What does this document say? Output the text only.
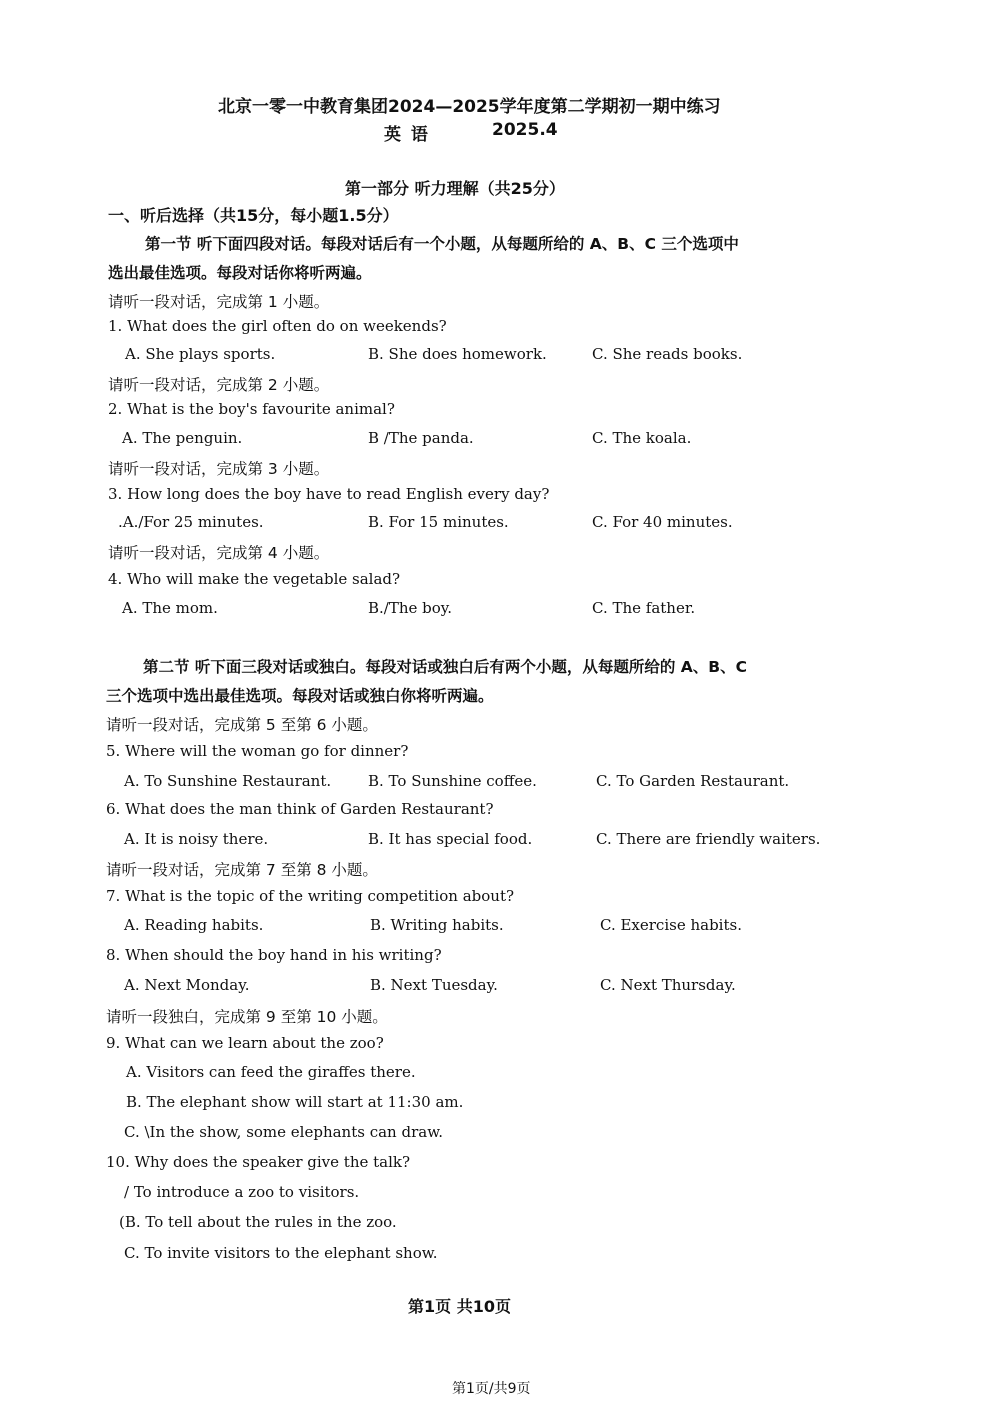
北京一零一中教育集团2024—2025学年度第二学期初一期中练习
英 语	2025.4
第一部分 听力理解（共25分）
一、听后选择（共15分，每小题1.5分）
第一节 听下面四段对话。每段对话后有一个小题，从每题所给的 A、B、C 三个选项中
选出最佳选项。每段对话你将听两遍。
请听一段对话，完成第 1 小题。
1. What does the girl often do on weekends?
A. She plays sports.	B. She does homework.	C. She reads books.
请听一段对话，完成第 2 小题。
2. What is the boy's favourite animal?
A. The penguin.	B /The panda.	C. The koala.
请听一段对话，完成第 3 小题。
3. How long does the boy have to read English every day?
.A./For 25 minutes.	B. For 15 minutes.	C. For 40 minutes.
请听一段对话，完成第 4 小题。
4. Who will make the vegetable salad?
A. The mom.	B./The boy.	C. The father.
第二节 听下面三段对话或独白。每段对话或独白后有两个小题，从每题所给的 A、B、C
三个选项中选出最佳选项。每段对话或独白你将听两遍。
请听一段对话，完成第 5 至第 6 小题。
5. Where will the woman go for dinner?
A. To Sunshine Restaurant. B. To Sunshine coffee.	C. To Garden Restaurant.
6. What does the man think of Garden Restaurant?
A. It is noisy there.	B. It has special food.	C. There are friendly waiters.
请听一段对话，完成第 7 至第 8 小题。
7. What is the topic of the writing competition about?
A. Reading habits.	B. Writing habits.	C. Exercise habits.
8. When should the boy hand in his writing?
A. Next Monday.	B. Next Tuesday.	C. Next Thursday.
请听一段独白，完成第 9 至第 10 小题。
9. What can we learn about the zoo?
A. Visitors can feed the giraffes there.
B. The elephant show will start at 11:30 am.
C. \In the show, some elephants can draw.
10. Why does the speaker give the talk?
/ To introduce a zoo to visitors.
(B. To tell about the rules in the zoo.
C. To invite visitors to the elephant show.
第1页 共10页
第1页/共9页
